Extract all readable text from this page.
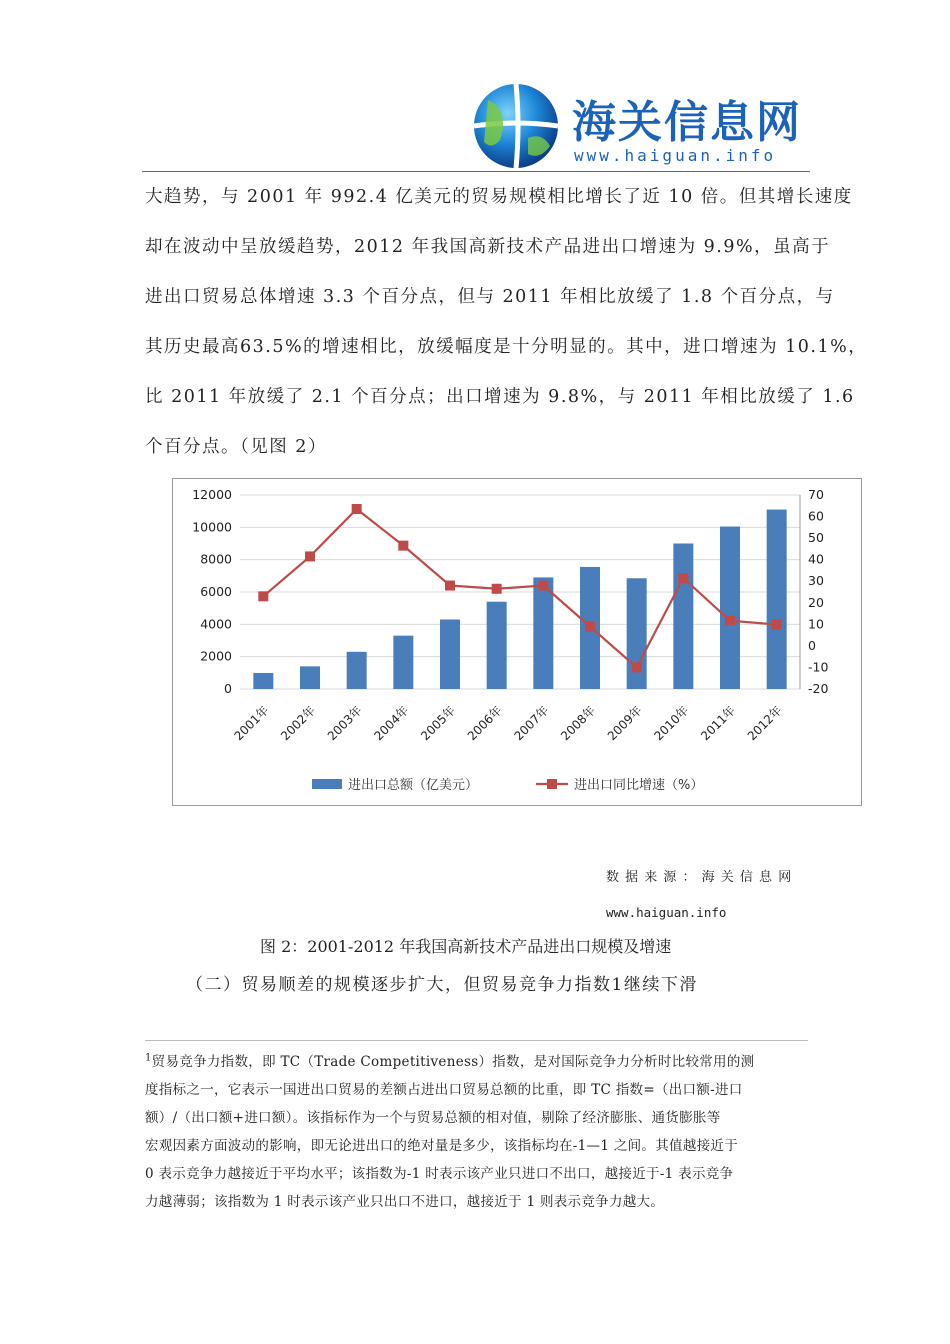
海关信息网
www.haiguan.info
大趋势，与 2001 年 992.4 亿美元的贸易规模相比增长了近 10 倍。但其增长速度
却在波动中呈放缓趋势，2012 年我国高新技术产品进出口增速为 9.9%，虽高于
进出口贸易总体增速 3.3 个百分点，但与 2011 年相比放缓了 1.8 个百分点，与
其历史最高63.5%的增速相比，放缓幅度是十分明显的。其中，进口增速为 10.1%，
比 2011 年放缓了 2.1 个百分点；出口增速为 9.8%，与 2011 年相比放缓了 1.6
个百分点。（见图 2）
0
2000
4000
6000
8000
10000
12000
-20
-10
0
10
20
30
40
50
60
70
2001年 2002年 2003年 2004年 2005年 2006年 2007年 2008年 2009年 2010年 2011年 2012年
进出口总额（亿美元）	进出口同比增速（%）
数 据 来 源 ： 海 关 信 息 网
www.haiguan.info
图 2：2001-2012 年我国高新技术产品进出口规模及增速
（二）贸易顺差的规模逐步扩大，但贸易竞争力指数1继续下滑
$^1$贸易竞争力指数，即 TC（Trade Competitiveness）指数，是对国际竞争力分析时比较常用的测
度指标之一，它表示一国进出口贸易的差额占进出口贸易总额的比重，即 TC 指数=（出口额-进口
额）/（出口额+进口额）。该指标作为一个与贸易总额的相对值，剔除了经济膨胀、通货膨胀等
宏观因素方面波动的影响，即无论进出口的绝对量是多少，该指标均在-1—1 之间。其值越接近于
0 表示竞争力越接近于平均水平；该指数为-1 时表示该产业只进口不出口，越接近于-1 表示竞争
力越薄弱；该指数为 1 时表示该产业只出口不进口，越接近于 1 则表示竞争力越大。
